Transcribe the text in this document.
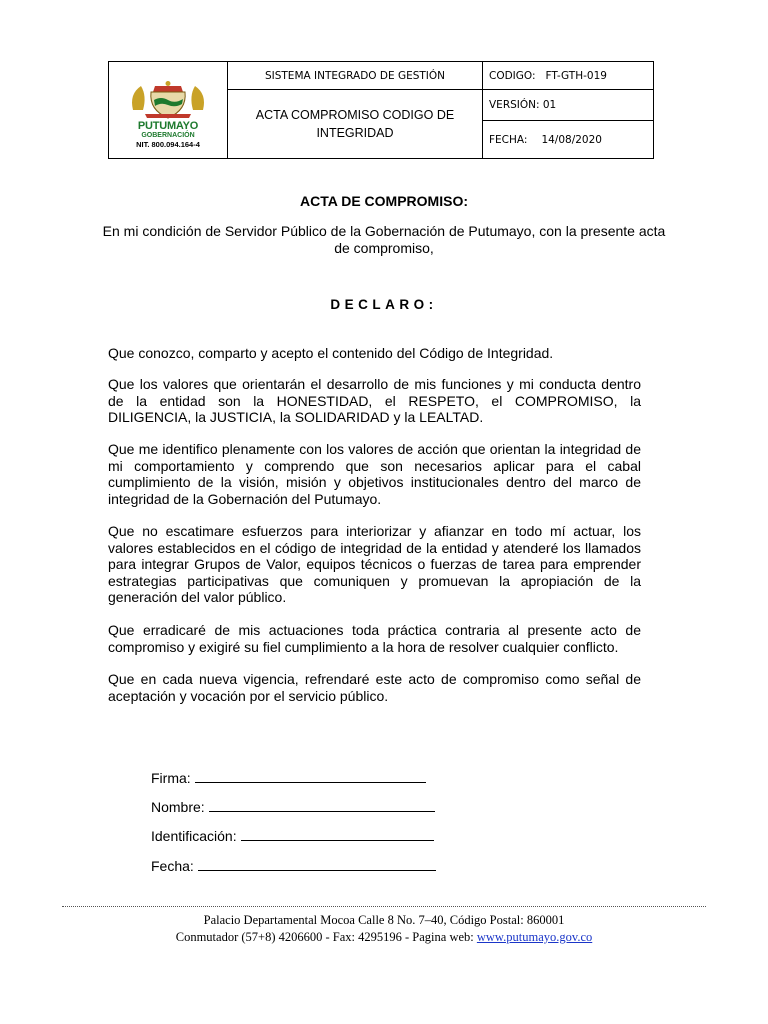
PUTUMAYO
GOBERNACIÓN
NIT. 800.094.164-4	SISTEMA INTEGRADO DE GESTIÓN	CODIGO: FT-GTH-019
	ACTA COMPROMISO CODIGO DE INTEGRIDAD	VERSIÓN: 01
		FECHA: 14/08/2020
ACTA DE COMPROMISO:
En mi condición de Servidor Público de la Gobernación de Putumayo, con la presente acta de compromiso,
DECLARO:
Que conozco, comparto y acepto el contenido del Código de Integridad.
Que los valores que orientarán el desarrollo de mis funciones y mi conducta dentro de la entidad son la HONESTIDAD, el RESPETO, el COMPROMISO, la DILIGENCIA, la JUSTICIA, la SOLIDARIDAD y la LEALTAD.
Que me identifico plenamente con los valores de acción que orientan la integridad de mi comportamiento y comprendo que son necesarios aplicar para el cabal cumplimiento de la visión, misión y objetivos institucionales dentro del marco de integridad de la Gobernación del Putumayo.
Que no escatimare esfuerzos para interiorizar y afianzar en todo mí actuar, los valores establecidos en el código de integridad de la entidad y atenderé los llamados para integrar Grupos de Valor, equipos técnicos o fuerzas de tarea para emprender estrategias participativas que comuniquen y promuevan la apropiación de la generación del valor público.
Que erradicaré de mis actuaciones toda práctica contraria al presente acto de compromiso y exigiré su fiel cumplimiento a la hora de resolver cualquier conflicto.
Que en cada nueva vigencia, refrendaré este acto de compromiso como señal de aceptación y vocación por el servicio público.
Firma:
Nombre:
Identificación:
Fecha:
Palacio Departamental Mocoa Calle 8 No. 7–40, Código Postal: 860001
Conmutador (57+8) 4206600 - Fax: 4295196 - Pagina web: www.putumayo.gov.co
